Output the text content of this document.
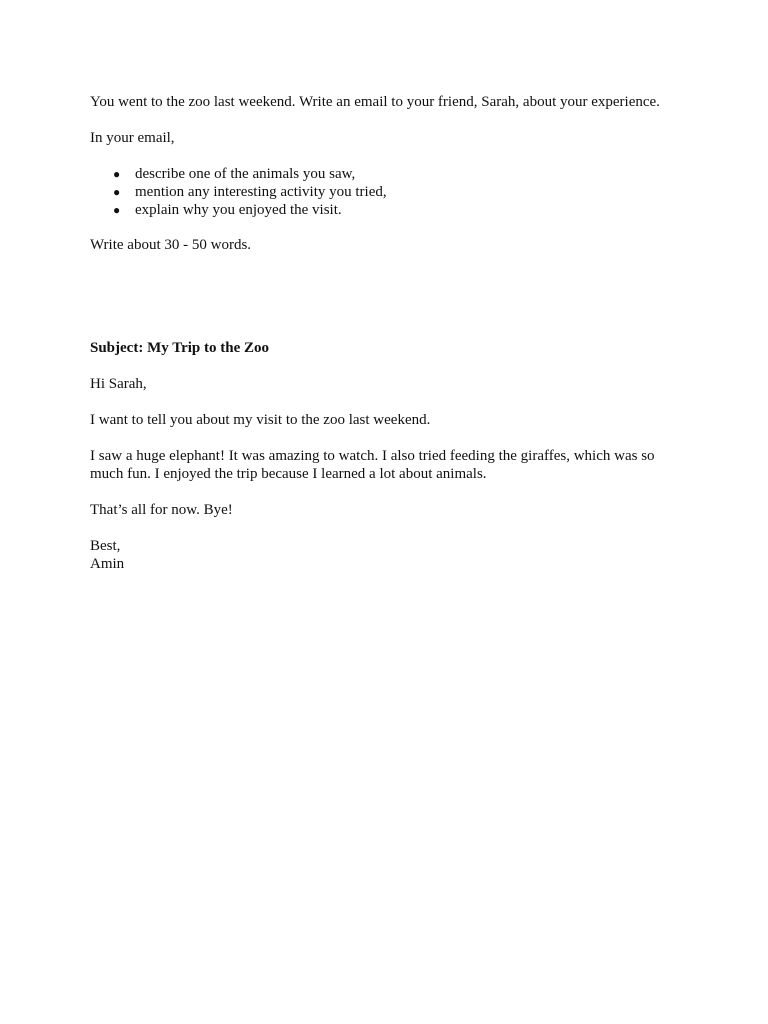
You went to the zoo last weekend. Write an email to your friend, Sarah, about your experience.

In your email,

● describe one of the animals you saw,
● mention any interesting activity you tried,
● explain why you enjoyed the visit.

Write about 30 - 50 words.

Subject: My Trip to the Zoo

Hi Sarah,

I want to tell you about my visit to the zoo last weekend.

I saw a huge elephant! It was amazing to watch. I also tried feeding the giraffes, which was so much fun. I enjoyed the trip because I learned a lot about animals.

That’s all for now. Bye!

Best,

Amin
